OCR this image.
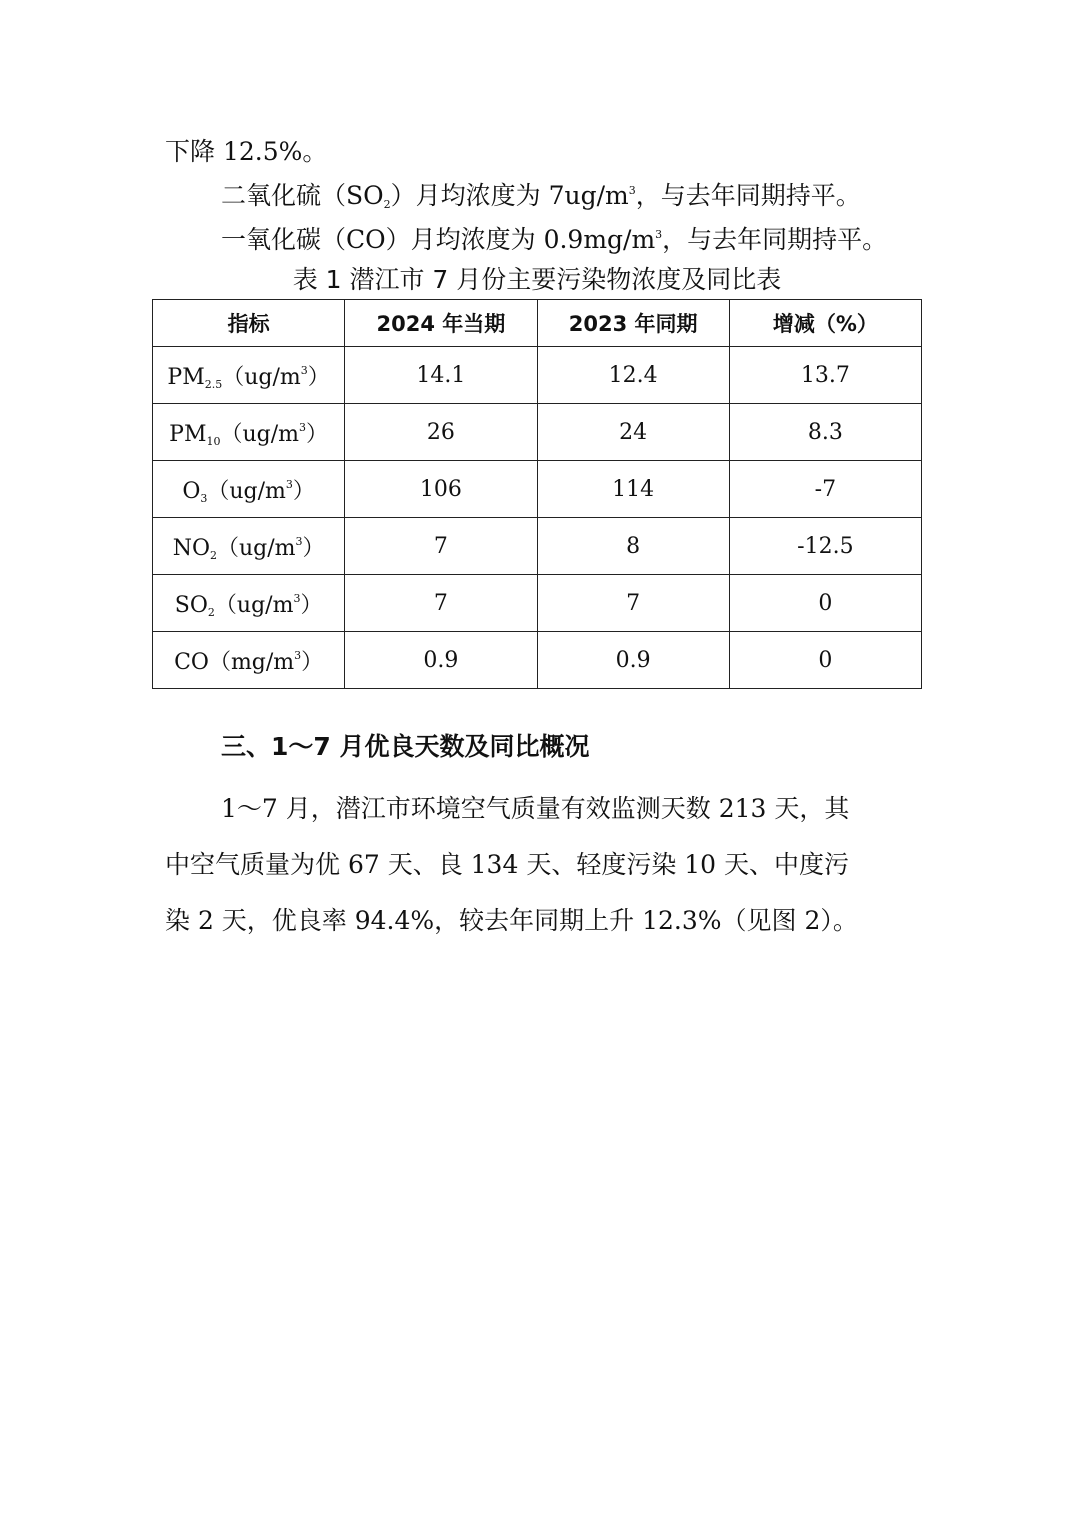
下降 12.5%。

二氧化硫$(SO_2)$月均浓度为 $7ug/m^3$，与去年同期持平。

一氧化碳（CO）月均浓度为 $0.9mg/m^3$，与去年同期持平。

表 1 潜江市 7 月份主要污染物浓度及同比表

指标	2024 年当期	2023 年同期	增减（%）
$PM_{2.5}(ug/m^3)$	14.1	12.4	13.7
$PM_{10}(ug/m^3)$	26	24	8.3
$O_3(ug/m^3)$	106	114	-7
$NO_2(ug/m^3)$	7	8	-12.5
$SO_2(ug/m^3)$	7	7	0
$CO(mg/m^3)$	0.9	0.9	0
三、1～7 月优良天数及同比概况

1～7 月，潜江市环境空气质量有效监测天数 213 天，其
中空气质量为优 67 天、良 134 天、轻度污染 10 天、中度污
染 2 天，优良率 94.4%，较去年同期上升 12.3%（见图 2）。
